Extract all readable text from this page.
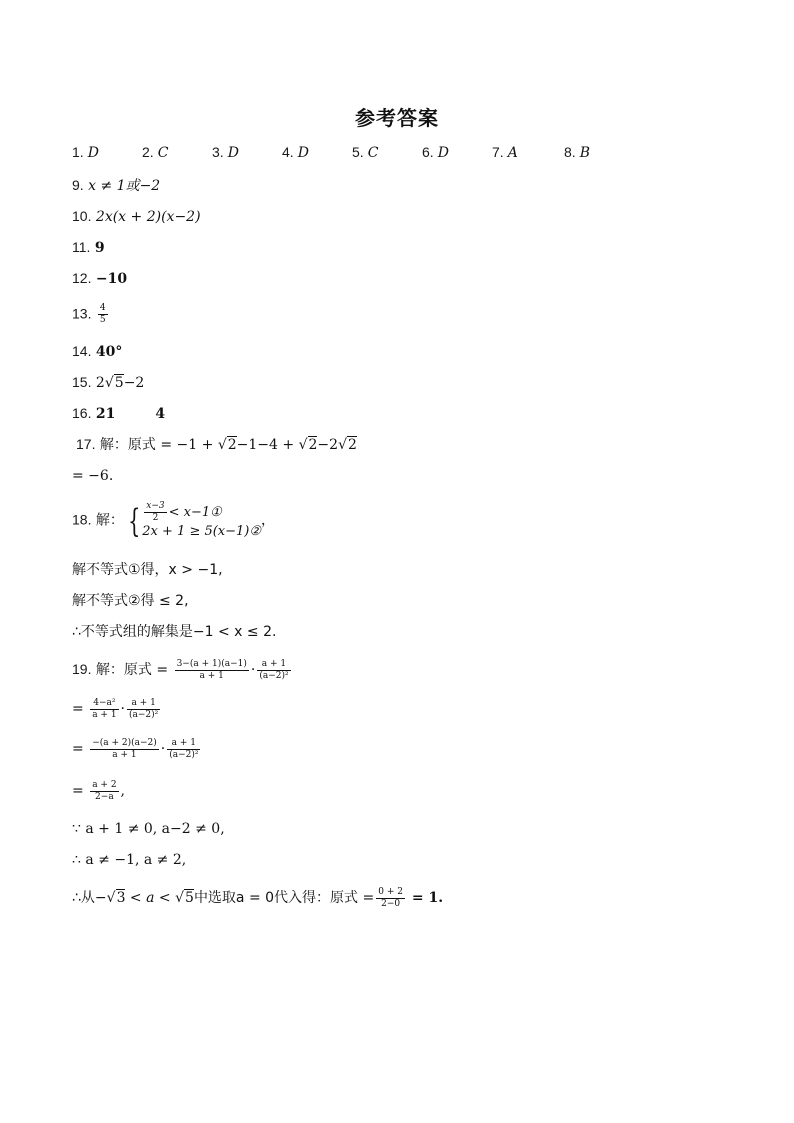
参考答案
1. D	2. C	3. D	4. D	5. C	6. D	7. A	8. B
9. x ≠ 1或−2
10. 2x(x + 2)(x−2)
11. 9
12. −10
13. $\frac{4}{5}$
14. 40°
15. 2√5−2
16. 21	4
17. 解：原式 = −1 + √2−1−4 + √2−2√2
= −6.
18. 解： { $\frac{x-3}{2}$ < x−1①
2x + 1 ≥ 5(x−1)②
，
解不等式①得，x > −1,
解不等式②得 ≤ 2,
∴不等式组的解集是−1 < x ≤ 2.
19. 解：原式 = $\frac{3-(a + 1)(a-1)}{a + 1} \cdot \frac{a + 1}{\text{(a−2)²}}$
= $\frac{\text{4−a²}}{a + 1} \cdot \frac{a + 1}{\text{(a−2)²}}$
= $\frac{-(a + 2)(a-2)}{a + 1} \cdot \frac{a + 1}{\text{(a−2)²}}$
= $\frac{a + 2}{2-a}$ ,
∵ a + 1 ≠ 0, a−2 ≠ 0,
∴ a ≠ −1, a ≠ 2,
∴从−√3 < a < √5中选取a = 0代入得：原式 = $\frac{0 + 2}{2-0} = 1$.
